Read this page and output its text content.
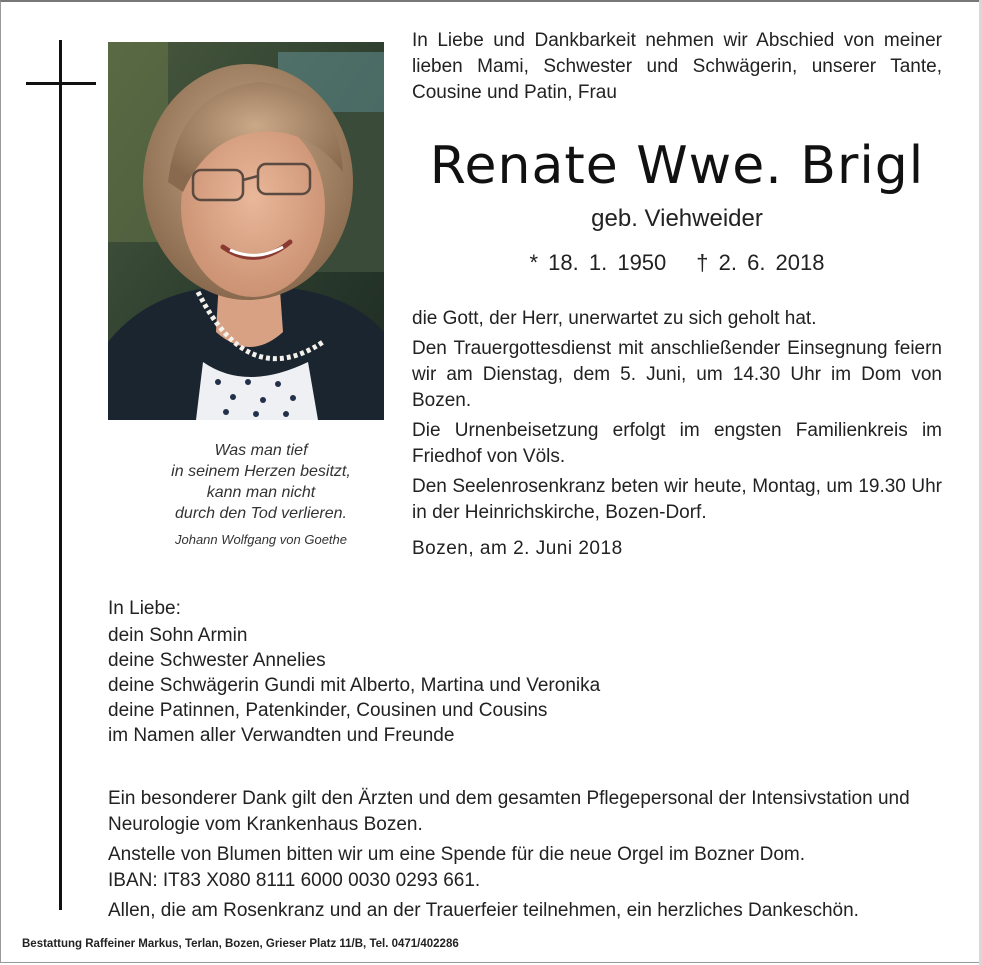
Was man tief
in seinem Herzen besitzt,
kann man nicht
durch den Tod verlieren.
Johann Wolfgang von Goethe
In Liebe und Dankbarkeit nehmen wir Abschied von meiner lieben Mami, Schwester und Schwägerin, unserer Tante, Cousine und Patin, Frau
Renate Wwe. Brigl
geb. Viehweider
* 18. 1. 1950 † 2. 6. 2018

die Gott, der Herr, unerwartet zu sich geholt hat.

Den Trauergottesdienst mit anschließender Einsegnung feiern wir am Dienstag, dem 5. Juni, um 14.30 Uhr im Dom von Bozen.

Die Urnenbeisetzung erfolgt im engsten Familienkreis im Friedhof von Völs.

Den Seelenrosenkranz beten wir heute, Montag, um 19.30 Uhr in der Heinrichskirche, Bozen-Dorf.

Bozen, am 2. Juni 2018

In Liebe:
dein Sohn Armin
deine Schwester Annelies
deine Schwägerin Gundi mit Alberto, Martina und Veronika
deine Patinnen, Patenkinder, Cousinen und Cousins
im Namen aller Verwandten und Freunde

Ein besonderer Dank gilt den Ärzten und dem gesamten Pflegepersonal der Intensivstation und Neurologie vom Krankenhaus Bozen.

Anstelle von Blumen bitten wir um eine Spende für die neue Orgel im Bozner Dom.
IBAN: IT83 X080 8111 6000 0030 0293 661.

Allen, die am Rosenkranz und an der Trauerfeier teilnehmen, ein herzliches Dankeschön.

Bestattung Raffeiner Markus, Terlan, Bozen, Grieser Platz 11/B, Tel. 0471/402286
